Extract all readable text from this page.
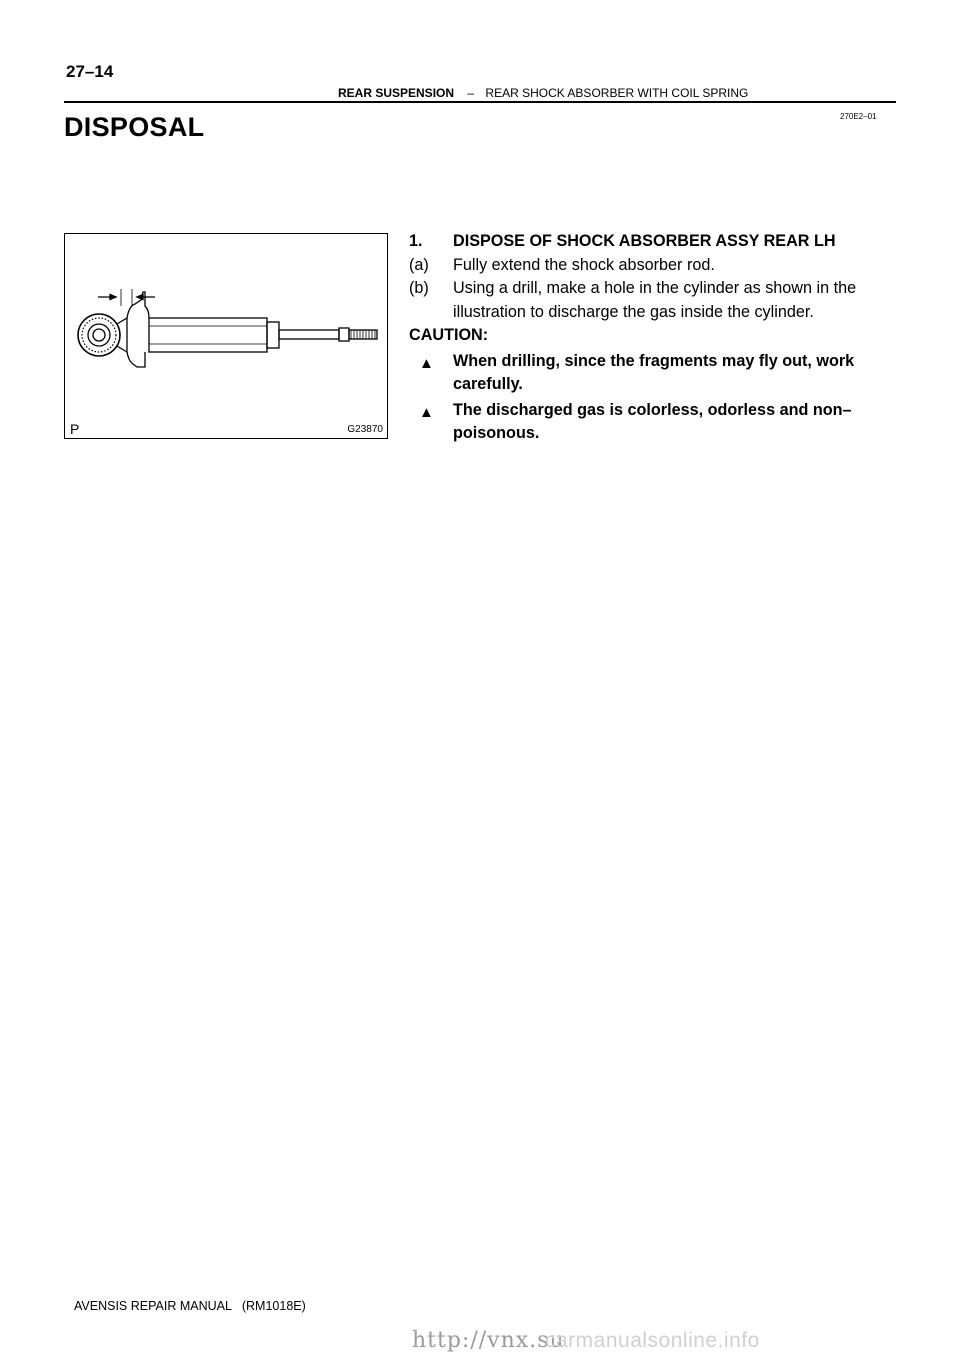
27–14
REAR SUSPENSION – REAR SHOCK ABSORBER WITH COIL SPRING
270E2–01
DISPOSAL
P	G23870
1. DISPOSE OF SHOCK ABSORBER ASSY REAR LH
(a) Fully extend the shock absorber rod.
(b) Using a drill, make a hole in the cylinder as shown in the illustration to discharge the gas inside the cylinder.
CAUTION:
▲ When drilling, since the fragments may fly out, work carefully.
▲ The discharged gas is colorless, odorless and non–poisonous.
AVENSIS REPAIR MANUAL   (RM1018E)
http://vnx.su
carmanualsonline.info
